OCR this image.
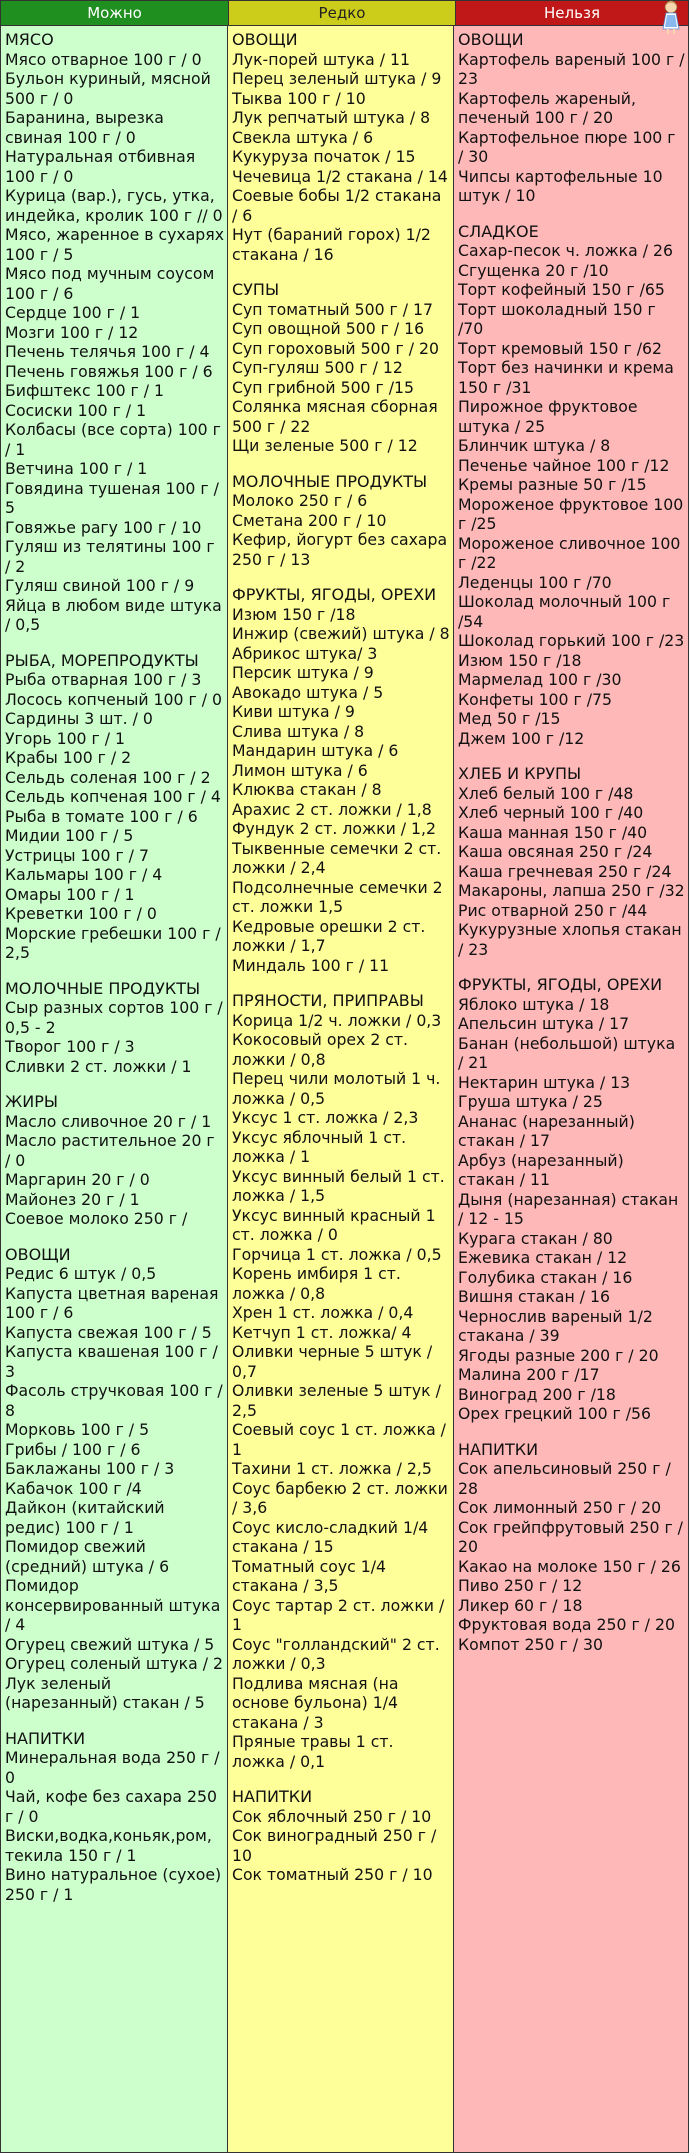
Можно	Редко	Нельзя
МЯСО
Мясо отварное 100 г / 0
Бульон куриный, мясной 500 г / 0
Баранина, вырезка свиная 100 г / 0
Натуральная отбивная 100 г / 0
Курица (вар.), гусь, утка, индейка, кролик 100 г // 0
Мясо, жаренное в сухарях 100 г / 5
Мясо под мучным соусом 100 г / 6
Сердце 100 г / 1
Мозги 100 г / 12
Печень телячья 100 г / 4
Печень говяжья 100 г / 6
Бифштекс 100 г / 1
Сосиски 100 г / 1
Колбасы (все сорта) 100 г / 1
Ветчина 100 г / 1
Говядина тушеная 100 г / 5
Говяжье рагу 100 г / 10
Гуляш из телятины 100 г / 2
Гуляш свиной 100 г / 9
Яйца в любом виде штука / 0,5
РЫБА, МОРЕПРОДУКТЫ
Рыба отварная 100 г / 3
Лосось копченый 100 г / 0
Сардины 3 шт. / 0
Угорь 100 г / 1
Крабы 100 г / 2
Сельдь соленая 100 г / 2
Сельдь копченая 100 г / 4
Рыба в томате 100 г / 6
Мидии 100 г / 5
Устрицы 100 г / 7
Кальмары 100 г / 4
Омары 100 г / 1
Креветки 100 г / 0
Морские гребешки 100 г / 2,5
МОЛОЧНЫЕ ПРОДУКТЫ
Сыр разных сортов 100 г / 0,5 - 2
Творог 100 г / 3
Сливки 2 ст. ложки / 1
ЖИРЫ
Масло сливочное 20 г / 1
Масло растительное 20 г / 0
Маргарин 20 г / 0
Майонез 20 г / 1
Соевое молоко 250 г /
ОВОЩИ
Редис 6 штук / 0,5
Капуста цветная вареная 100 г / 6
Капуста свежая 100 г / 5
Капуста квашеная 100 г / 3
Фасоль стручковая 100 г / 8
Морковь 100 г / 5
Грибы / 100 г / 6
Баклажаны 100 г / 3
Кабачок 100 г /4
Дайкон (китайский редис) 100 г / 1
Помидор свежий (средний) штука / 6
Помидор консервированный штука / 4
Огурец свежий штука / 5
Огурец соленый штука / 2
Лук зеленый (нарезанный) стакан / 5
НАПИТКИ
Минеральная вода 250 г / 0
Чай, кофе без сахара 250 г / 0
Виски,водка,коньяк,ром, текила 150 г / 1
Вино натуральное (сухое) 250 г / 1
ОВОЩИ
Лук-порей штука / 11
Перец зеленый штука / 9
Тыква 100 г / 10
Лук репчатый штука / 8
Свекла штука / 6
Кукуруза початок / 15
Чечевица 1/2 стакана / 14
Соевые бобы 1/2 стакана / 6
Нут (бараний горох) 1/2 стакана / 16
СУПЫ
Суп томатный 500 г / 17
Суп овощной 500 г / 16
Суп гороховый 500 г / 20
Суп-гуляш 500 г / 12
Суп грибной 500 г /15
Солянка мясная сборная 500 г / 22
Щи зеленые 500 г / 12
МОЛОЧНЫЕ ПРОДУКТЫ
Молоко 250 г / 6
Сметана 200 г / 10
Кефир, йогурт без сахара 250 г / 13
ФРУКТЫ, ЯГОДЫ, ОРЕХИ
Изюм 150 г /18
Инжир (свежий) штука / 8
Абрикос штука/ 3
Персик штука / 9
Авокадо штука / 5
Киви штука / 9
Слива штука / 8
Мандарин штука / 6
Лимон штука / 6
Клюква стакан / 8
Арахис 2 ст. ложки / 1,8
Фундук 2 ст. ложки / 1,2
Тыквенные семечки 2 ст. ложки / 2,4
Подсолнечные семечки 2 ст. ложки 1,5
Кедровые орешки 2 ст. ложки / 1,7
Миндаль 100 г / 11
ПРЯНОСТИ, ПРИПРАВЫ
Корица 1/2 ч. ложки / 0,3
Кокосовый орех 2 ст. ложки / 0,8
Перец чили молотый 1 ч. ложка / 0,5
Уксус 1 ст. ложка / 2,3
Уксус яблочный 1 ст. ложка / 1
Уксус винный белый 1 ст. ложка / 1,5
Уксус винный красный 1 ст. ложка / 0
Горчица 1 ст. ложка / 0,5
Корень имбиря 1 ст. ложка / 0,8
Хрен 1 ст. ложка / 0,4
Кетчуп 1 ст. ложка/ 4
Оливки черные 5 штук / 0,7
Оливки зеленые 5 штук / 2,5
Соевый соус 1 ст. ложка / 1
Тахини 1 ст. ложка / 2,5
Соус барбекю 2 ст. ложки / 3,6
Соус кисло-сладкий 1/4 стакана / 15
Томатный соус 1/4 стакана / 3,5
Соус тартар 2 ст. ложки / 1
Соус "голландский" 2 ст. ложки / 0,3
Подлива мясная (на основе бульона) 1/4 стакана / 3
Пряные травы 1 ст. ложка / 0,1
НАПИТКИ
Сок яблочный 250 г / 10
Сок виноградный 250 г / 10
Сок томатный 250 г / 10
ОВОЩИ
Картофель вареный 100 г / 23
Картофель жареный, печеный 100 г / 20
Картофельное пюре 100 г / 30
Чипсы картофельные 10 штук / 10
СЛАДКОЕ
Сахар-песок ч. ложка / 26
Сгущенка 20 г /10
Торт кофейный 150 г /65
Торт шоколадный 150 г /70
Торт кремовый 150 г /62
Торт без начинки и крема 150 г /31
Пирожное фруктовое штука / 25
Блинчик штука / 8
Печенье чайное 100 г /12
Кремы разные 50 г /15
Мороженое фруктовое 100 г /25
Мороженое сливочное 100 г /22
Леденцы 100 г /70
Шоколад молочный 100 г /54
Шоколад горький 100 г /23
Изюм 150 г /18
Мармелад 100 г /30
Конфеты 100 г /75
Мед 50 г /15
Джем 100 г /12
ХЛЕБ И КРУПЫ
Хлеб белый 100 г /48
Хлеб черный 100 г /40
Каша манная 150 г /40
Каша овсяная 250 г /24
Каша гречневая 250 г /24
Макароны, лапша 250 г /32
Рис отварной 250 г /44
Кукурузные хлопья стакан / 23
ФРУКТЫ, ЯГОДЫ, ОРЕХИ
Яблоко штука / 18
Апельсин штука / 17
Банан (небольшой) штука / 21
Нектарин штука / 13
Груша штука / 25
Ананас (нарезанный) стакан / 17
Арбуз (нарезанный) стакан / 11
Дыня (нарезанная) стакан / 12 - 15
Курага стакан / 80
Ежевика стакан / 12
Голубика стакан / 16
Вишня стакан / 16
Чернослив вареный 1/2 стакана / 39
Ягоды разные 200 г / 20
Малина 200 г /17
Виноград 200 г /18
Орех грецкий 100 г /56
НАПИТКИ
Сок апельсиновый 250 г / 28
Сок лимонный 250 г / 20
Сок грейпфрутовый 250 г / 20
Какао на молоке 150 г / 26
Пиво 250 г / 12
Ликер 60 г / 18
Фруктовая вода 250 г / 20
Компот 250 г / 30
